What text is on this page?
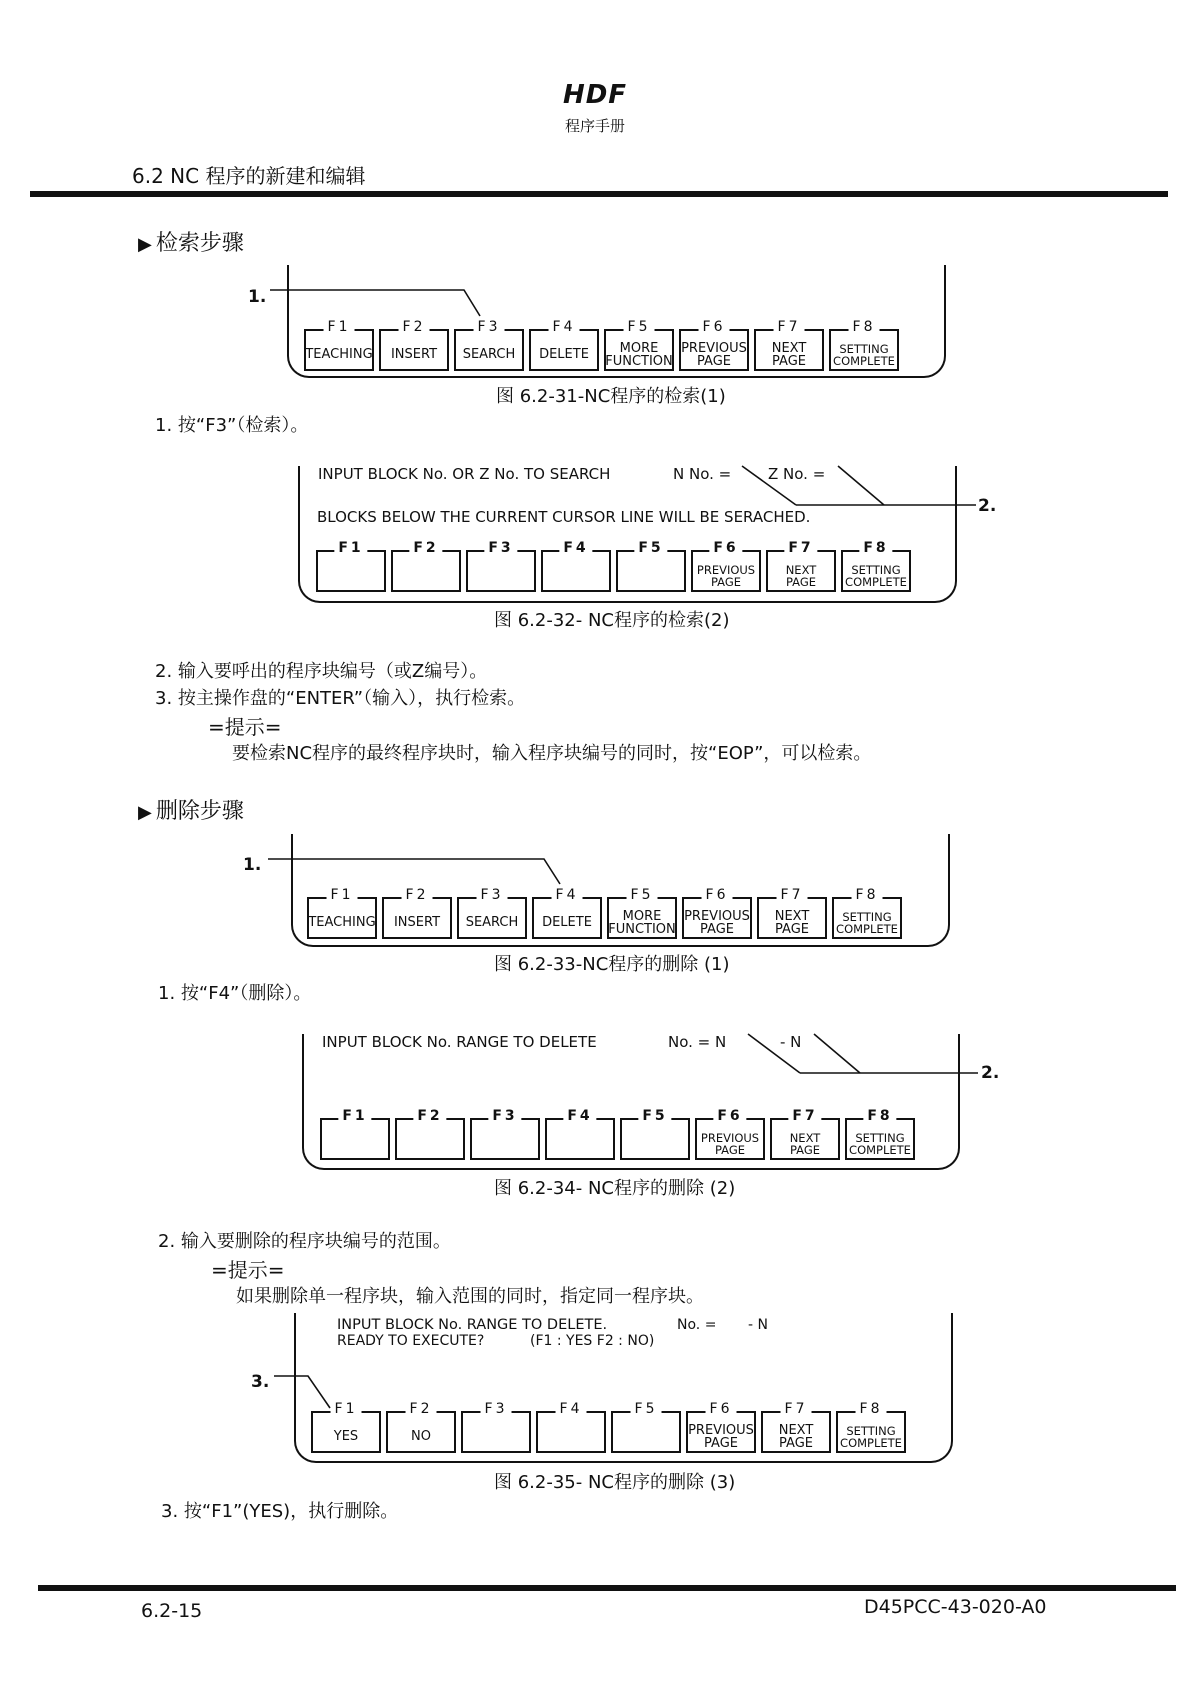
HDF
程序手册
6.2 NC 程序的新建和编辑
▶ 检索步骤
1.
F1
TEACHING
F2
INSERT
F3
SEARCH
F4
DELETE
F5
MORE
FUNCTION
F6
PREVIOUS
PAGE
F7
NEXT
PAGE
F8
SETTING
COMPLETE
图 6.2-31-NC程序的检索(1)
1. 按“F3”（检索）。
INPUT BLOCK No. OR Z No. TO SEARCH	N No. = Z No. =
BLOCKS BELOW THE CURRENT CURSOR LINE WILL BE SERACHED.
2.
F1	F2	F3	F4	F5	F6
PREVIOUS
PAGE
F7
NEXT
PAGE
F8
SETTING
COMPLETE
图 6.2-32- NC程序的检索(2)
2. 输入要呼出的程序块编号（或Z编号）。
3. 按主操作盘的“ENTER”（输入），执行检索。
=提示=
要检索NC程序的最终程序块时，输入程序块编号的同时，按“EOP”，可以检索。
▶ 删除步骤
1.
F1
TEACHING
F2
INSERT
F3
SEARCH
F4
DELETE
F5
MORE
FUNCTION
F6
PREVIOUS
PAGE
F7
NEXT
PAGE
F8
SETTING
COMPLETE
图 6.2-33-NC程序的删除 (1)
1. 按“F4”（删除）。
INPUT BLOCK No. RANGE TO DELETE	No. = N	- N
2.
F1	F2	F3	F4	F5	F6
PREVIOUS
PAGE
F7
NEXT
PAGE
F8
SETTING
COMPLETE
图 6.2-34- NC程序的删除 (2)
2. 输入要删除的程序块编号的范围。
=提示=
如果删除单一程序块，输入范围的同时，指定同一程序块。
INPUT BLOCK No. RANGE TO DELETE.
READY TO EXECUTE?	(F1 : YES F2 : NO)
No. = - N
3.
F1
YES
F2
NO
F3	F4	F5	F6
PREVIOUS
PAGE
F7
NEXT
PAGE
F8
SETTING
COMPLETE
图 6.2-35- NC程序的删除 (3)
3. 按“F1”(YES)，执行删除。
6.2-15	D45PCC-43-020-A0
